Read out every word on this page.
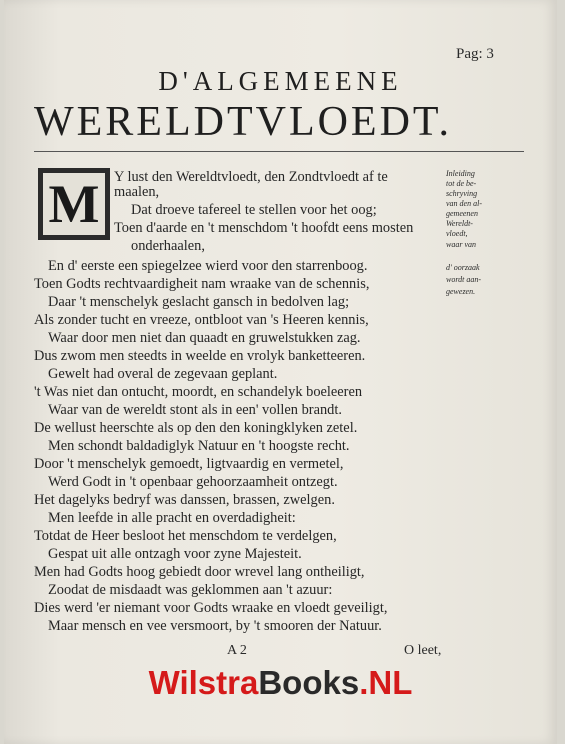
Pag: 3
D'ALGEMEENE
WERELDTVLOEDT.
M	Y lust den Wereldtvloedt, den Zondtvloedt af te
maalen,
Dat droeve tafereel te stellen voor het oog;
Toen d'aarde en 't menschdom 't hoofdt eens mosten
onderhaalen,
En d' eerste een spiegelzee wierd voor den starrenboog.
Toen Godts rechtvaardigheit nam wraake van de schennis,
Daar 't menschelyk geslacht gansch in bedolven lag;
Als zonder tucht en vreeze, ontbloot van 's Heeren kennis,
Waar door men niet dan quaadt en gruwelstukken zag.
Dus zwom men steedts in weelde en vrolyk banketteeren.
Gewelt had overal de zegevaan geplant.
't Was niet dan ontucht, moordt, en schandelyk boeleeren
Waar van de wereldt stont als in een' vollen brandt.
De wellust heerschte als op den den koningklyken zetel.
Men schondt baldadiglyk Natuur en 't hoogste recht.
Door 't menschelyk gemoedt, ligtvaardig en vermetel,
Werd Godt in 't openbaar gehoorzaamheit ontzegt.
Het dagelyks bedryf was danssen, brassen, zwelgen.
Men leefde in alle pracht en overdadigheit:
Totdat de Heer besloot het menschdom te verdelgen,
Gespat uit alle ontzagh voor zyne Majesteit.
Men had Godts hoog gebiedt door wrevel lang ontheiligt,
Zoodat de misdaadt was geklommen aan 't azuur:
Dies werd 'er niemant voor Godts wraake en vloedt geveiligt,
Maar mensch en vee versmoort, by 't smooren der Natuur.
Inleiding
tot de be-
schryving
van den al-
gemeenen
Wereldt-
vloedt,
waar van
d' oorzaak
wordt aan-
gewezen.
A 2	O leet,
WilstraBooks.NL
